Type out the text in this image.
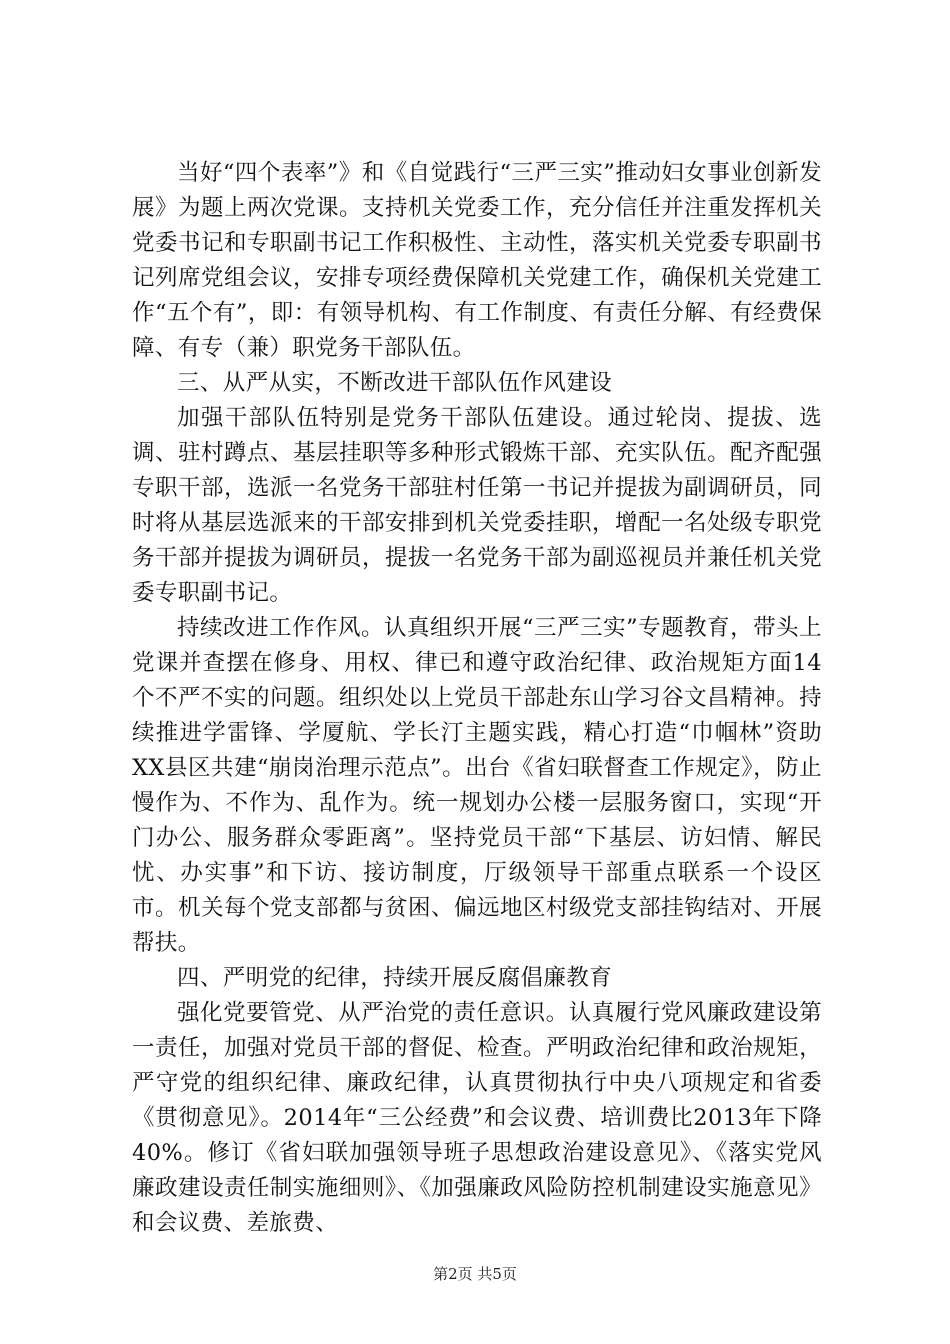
当好“四个表率”》和《自觉践行“三严三实”推动妇女事业创新发展》为题上两次党课。支持机关党委工作，充分信任并注重发挥机关党委书记和专职副书记工作积极性、主动性，落实机关党委专职副书记列席党组会议，安排专项经费保障机关党建工作，确保机关党建工作“五个有”，即：有领导机构、有工作制度、有责任分解、有经费保障、有专（兼）职党务干部队伍。

三、从严从实，不断改进干部队伍作风建设

加强干部队伍特别是党务干部队伍建设。通过轮岗、提拔、选调、驻村蹲点、基层挂职等多种形式锻炼干部、充实队伍。配齐配强专职干部，选派一名党务干部驻村任第一书记并提拔为副调研员，同时将从基层选派来的干部安排到机关党委挂职，增配一名处级专职党务干部并提拔为调研员，提拔一名党务干部为副巡视员并兼任机关党委专职副书记。

持续改进工作作风。认真组织开展“三严三实”专题教育，带头上党课并查摆在修身、用权、律已和遵守政治纪律、政治规矩方面14个不严不实的问题。组织处以上党员干部赴东山学习谷文昌精神。持续推进学雷锋、学厦航、学长汀主题实践，精心打造“巾帼林”资助XX县区共建“崩岗治理示范点”。出台《省妇联督查工作规定》，防止慢作为、不作为、乱作为。统一规划办公楼一层服务窗口，实现“开门办公、服务群众零距离”。坚持党员干部“下基层、访妇情、解民忧、办实事”和下访、接访制度，厅级领导干部重点联系一个设区市。机关每个党支部都与贫困、偏远地区村级党支部挂钩结对、开展帮扶。

四、严明党的纪律，持续开展反腐倡廉教育

强化党要管党、从严治党的责任意识。认真履行党风廉政建设第一责任，加强对党员干部的督促、检查。严明政治纪律和政治规矩，严守党的组织纪律、廉政纪律，认真贯彻执行中央八项规定和省委《贯彻意见》。2014年“三公经费”和会议费、培训费比2013年下降40%。修订《省妇联加强领导班子思想政治建设意见》、《落实党风廉政建设责任制实施细则》、《加强廉政风险防控机制建设实施意见》和会议费、差旅费、

第2页 共5页
